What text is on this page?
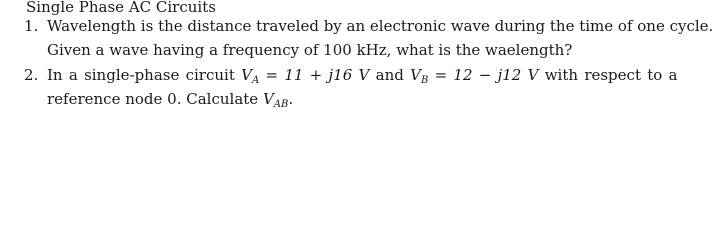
Single Phase AC Circuits
1. Wavelength is the distance traveled by an electronic wave during the time of one cycle.
Given a wave having a frequency of 100 kHz, what is the waelength?
2. In a single-phase circuit $V_A = 11 + j16$ V and $V_B = 12 - j12$ V with respect to a
reference node 0. Calculate $V_{AB}$.
